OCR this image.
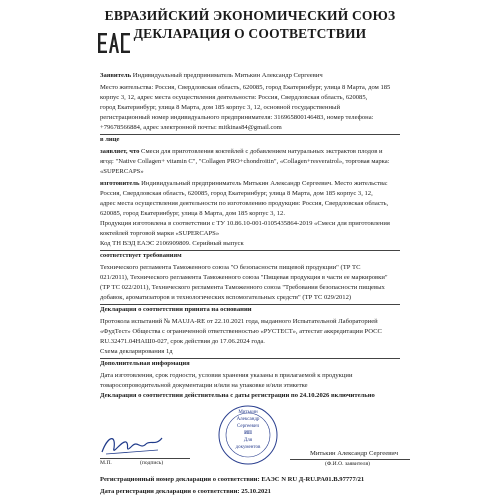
ЕВРАЗИЙСКИЙ ЭКОНОМИЧЕСКИЙ СОЮЗ
ДЕКЛАРАЦИЯ О СООТВЕТСТВИИ
Заявитель Индивидуальный предприниматель Митькин Александр Сергеевич
Место жительства: Россия, Свердловская область, 620085, город Екатеринбург, улица 8 Марта, дом 185
корпус 3, 12, адрес места осуществления деятельности: Россия, Свердловская область, 620085,
город Екатеринбург, улица 8 Марта, дом 185 корпус 3, 12, основной государственный
регистрационный номер индивидуального предпринимателя: 316965800146483, номер телефона:
+79678566884, адрес электронной почты: mitkinas84@gmail.com
в лице
заявляет, что Смеси для приготовления коктейлей с добавлением натуральных экстрактов плодов и
ягод: "Native Collagen+ vitamin C", "Collagen PRO+chondroitin", «Collagen+resveratrol», торговая марка:
«SUPERCAPS»
изготовитель Индивидуальный предприниматель Митькин Александр Сергеевич. Место жительства:
Россия, Свердловская область, 620085, город Екатеринбург, улица 8 Марта, дом 185 корпус 3, 12,
адрес места осуществления деятельности по изготовлению продукции: Россия, Свердловская область,
620085, город Екатеринбург, улица 8 Марта, дом 185 корпус 3, 12.
Продукция изготовлена в соответствии с ТУ 10.86.10-001-0105435864-2019 «Смеси для приготовления
коктейлей торговой марки «SUPERCAPS»
Код ТН ВЭД ЕАЭС 2106909809. Серийный выпуск
соответствует требованиям
Технического регламента Таможенного союза "О безопасности пищевой продукции" (ТР ТС
021/2011), Технического регламента Таможенного союза "Пищевая продукция в части ее маркировки"
(ТР ТС 022/2011), Технического регламента Таможенного союза "Требования безопасности пищевых
добавок, ароматизаторов и технологических вспомогательных средств" (ТР ТС 029/2012)
Декларация о соответствии принята на основании
Протокола испытаний № MAUJA-RE от 22.10.2021 года, выданного Испытательной Лабораторией
«ФудТест» Общества с ограниченной ответственностью «РУСТЕСТ», аттестат аккредитации РОСС
RU.32471.04НАШ0-027, срок действия до 17.06.2024 года.
Схема декларирования 1д
Дополнительная информация
Дата изготовления, срок годности, условия хранения указаны в прилагаемой к продукции
товаросопроводительной документации и/или на упаковке и/или этикетке
Декларация о соответствии действительна с даты регистрации по 24.10.2026 включительно
Митькин
Александр
Сергеевич
ИП
Для
документов
М.П.	(подпись)
Митькин Александр Сергеевич
(Ф.И.О. заявителя)
Регистрационный номер декларации о соответствии: ЕАЭС N RU Д-RU.PA01.B.97777/21
Дата регистрации декларации о соответствии: 25.10.2021
